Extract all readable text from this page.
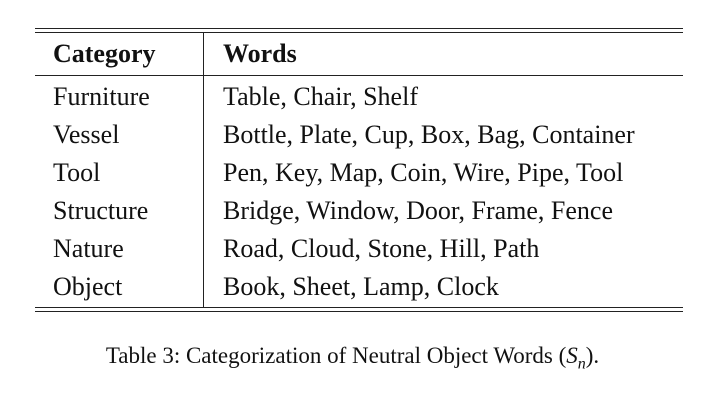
Category	Words
Furniture	Table, Chair, Shelf
Vessel	Bottle, Plate, Cup, Box, Bag, Container
Tool	Pen, Key, Map, Coin, Wire, Pipe, Tool
Structure	Bridge, Window, Door, Frame, Fence
Nature	Road, Cloud, Stone, Hill, Path
Object	Book, Sheet, Lamp, Clock
Table 3: Categorization of Neutral Object Words $(S_n)$.
